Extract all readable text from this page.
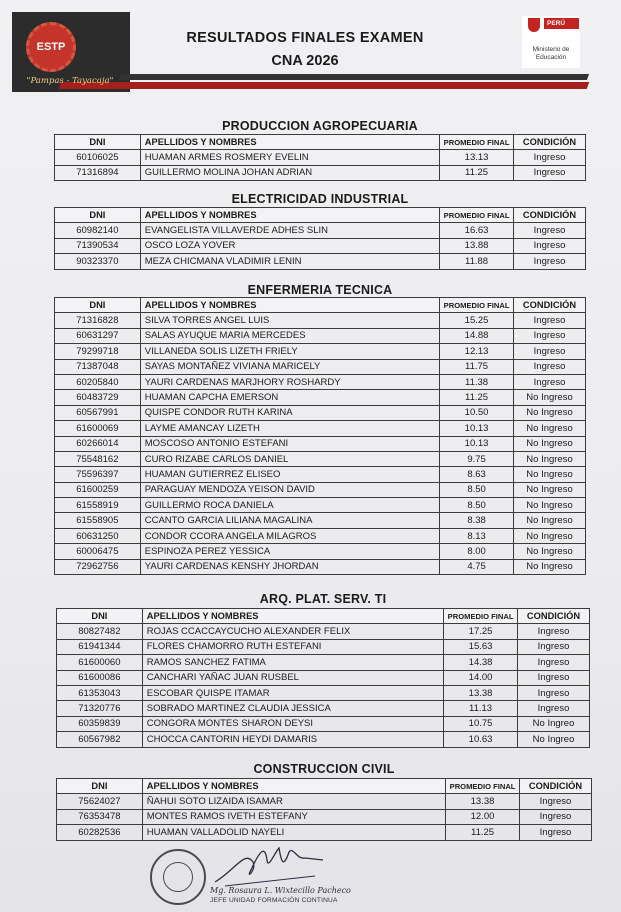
ESTP
"Pampas - Tayacaja"
RESULTADOS FINALES EXAMEN
CNA 2026
PERÚ
Ministerio de Educación
PRODUCCION AGROPECUARIA
DNI	APELLIDOS Y NOMBRES	PROMEDIO FINAL	CONDICIÓN
60106025	HUAMAN ARMES ROSMERY EVELIN	13.13	Ingreso
71316894	GUILLERMO MOLINA JOHAN ADRIAN	11.25	Ingreso
ELECTRICIDAD INDUSTRIAL
DNI	APELLIDOS Y NOMBRES	PROMEDIO FINAL	CONDICIÓN
60982140	EVANGELISTA VILLAVERDE ADHES SLIN	16.63	Ingreso
71390534	OSCO LOZA YOVER	13.88	Ingreso
90323370	MEZA CHICMANA VLADIMIR LENIN	11.88	Ingreso
ENFERMERIA TECNICA
DNI	APELLIDOS Y NOMBRES	PROMEDIO FINAL	CONDICIÓN
71316828	SILVA TORRES ANGEL LUIS	15.25	Ingreso
60631297	SALAS AYUQUE MARIA MERCEDES	14.88	Ingreso
79299718	VILLANEDA SOLIS LIZETH FRIELY	12.13	Ingreso
71387048	SAYAS MONTAÑEZ VIVIANA MARICELY	11.75	Ingreso
60205840	YAURI CARDENAS MARJHORY ROSHARDY	11.38	Ingreso
60483729	HUAMAN CAPCHA EMERSON	11.25	No Ingreso
60567991	QUISPE CONDOR RUTH KARINA	10.50	No Ingreso
61600069	LAYME AMANCAY LIZETH	10.13	No Ingreso
60266014	MOSCOSO ANTONIO ESTEFANI	10.13	No Ingreso
75548162	CURO RIZABE CARLOS DANIEL	9.75	No Ingreso
75596397	HUAMAN GUTIERREZ ELISEO	8.63	No Ingreso
61600259	PARAGUAY MENDOZA YEISON DAVID	8.50	No Ingreso
61558919	GUILLERMO ROCA DANIELA	8.50	No Ingreso
61558905	CCANTO GARCIA LILIANA MAGALINA	8.38	No Ingreso
60631250	CONDOR CCORA ANGELA MILAGROS	8.13	No Ingreso
60006475	ESPINOZA PEREZ YESSICA	8.00	No Ingreso
72962756	YAURI CARDENAS KENSHY JHORDAN	4.75	No Ingreso
ARQ. PLAT. SERV. TI
DNI	APELLIDOS Y NOMBRES	PROMEDIO FINAL	CONDICIÓN
80827482	ROJAS CCACCAYCUCHO ALEXANDER FELIX	17.25	Ingreso
61941344	FLORES CHAMORRO RUTH ESTEFANI	15.63	Ingreso
61600060	RAMOS SANCHEZ FATIMA	14.38	Ingreso
61600086	CANCHARI YAÑAC JUAN RUSBEL	14.00	Ingreso
61353043	ESCOBAR QUISPE ITAMAR	13.38	Ingreso
71320776	SOBRADO MARTINEZ CLAUDIA JESSICA	11.13	Ingreso
60359839	CONGORA MONTES SHARON DEYSI	10.75	No Ingreo
60567982	CHOCCA CANTORIN HEYDI DAMARIS	10.63	No Ingreo
CONSTRUCCION CIVIL
DNI	APELLIDOS Y NOMBRES	PROMEDIO FINAL	CONDICIÓN
75624027	ÑAHUI SOTO LIZAIDA ISAMAR	13.38	Ingreso
76353478	MONTES RAMOS IVETH ESTEFANY	12.00	Ingreso
60282536	HUAMAN VALLADOLID NAYELI	11.25	Ingreso
Mg. Rosaura L. Wixtecillo Pacheco
JEFE UNIDAD FORMACIÓN CONTINUA
